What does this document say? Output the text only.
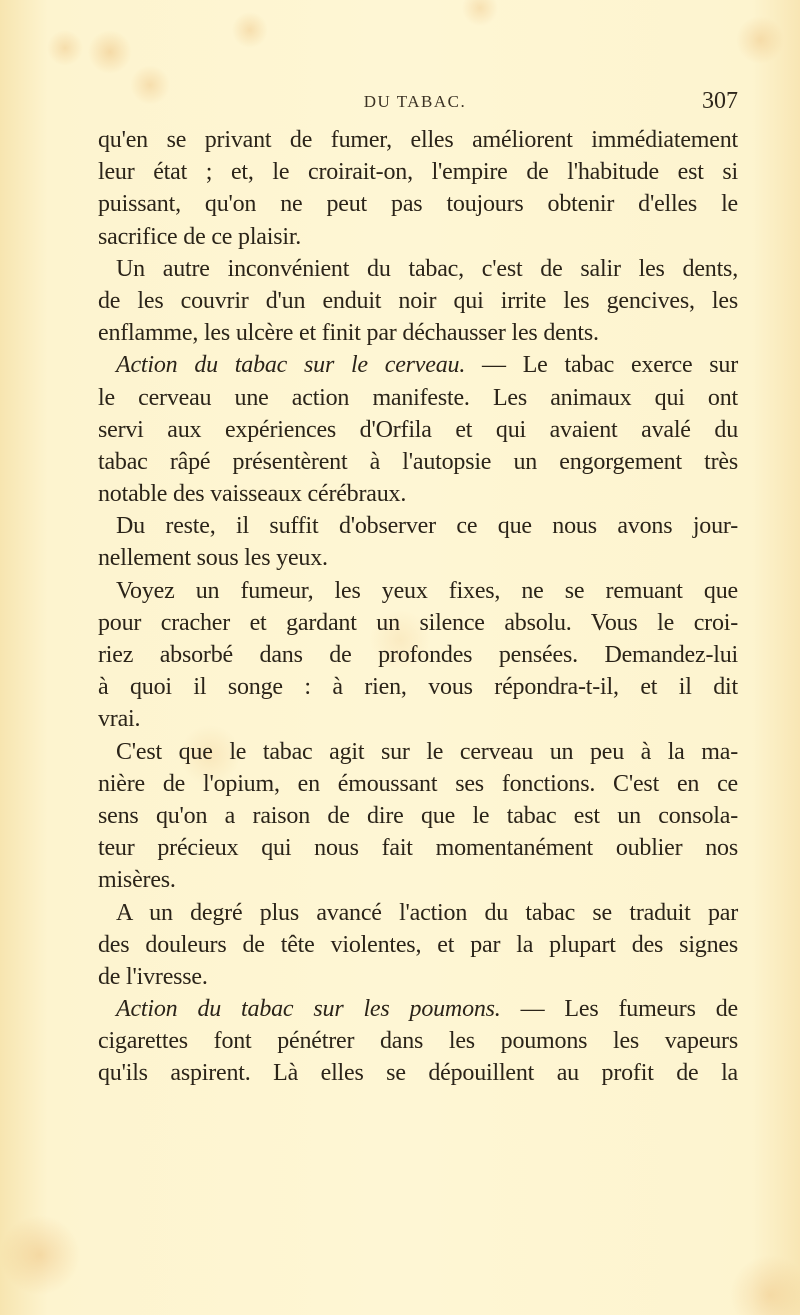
DU TABAC.	307
qu'en se privant de fumer, elles améliorent immédiatement
leur état ; et, le croirait-on, l'empire de l'habitude est si
puissant, qu'on ne peut pas toujours obtenir d'elles le
sacrifice de ce plaisir.
Un autre inconvénient du tabac, c'est de salir les dents,
de les couvrir d'un enduit noir qui irrite les gencives, les
enflamme, les ulcère et finit par déchausser les dents.
Action du tabac sur le cerveau. — Le tabac exerce sur
le cerveau une action manifeste. Les animaux qui ont
servi aux expériences d'Orfila et qui avaient avalé du
tabac râpé présentèrent à l'autopsie un engorgement très
notable des vaisseaux cérébraux.
Du reste, il suffit d'observer ce que nous avons jour-
nellement sous les yeux.
Voyez un fumeur, les yeux fixes, ne se remuant que
pour cracher et gardant un silence absolu. Vous le croi-
riez absorbé dans de profondes pensées. Demandez-lui
à quoi il songe : à rien, vous répondra-t-il, et il dit
vrai.
C'est que le tabac agit sur le cerveau un peu à la ma-
nière de l'opium, en émoussant ses fonctions. C'est en ce
sens qu'on a raison de dire que le tabac est un consola-
teur précieux qui nous fait momentanément oublier nos
misères.
A un degré plus avancé l'action du tabac se traduit par
des douleurs de tête violentes, et par la plupart des signes
de l'ivresse.
Action du tabac sur les poumons. — Les fumeurs de
cigarettes font pénétrer dans les poumons les vapeurs
qu'ils aspirent. Là elles se dépouillent au profit de la
